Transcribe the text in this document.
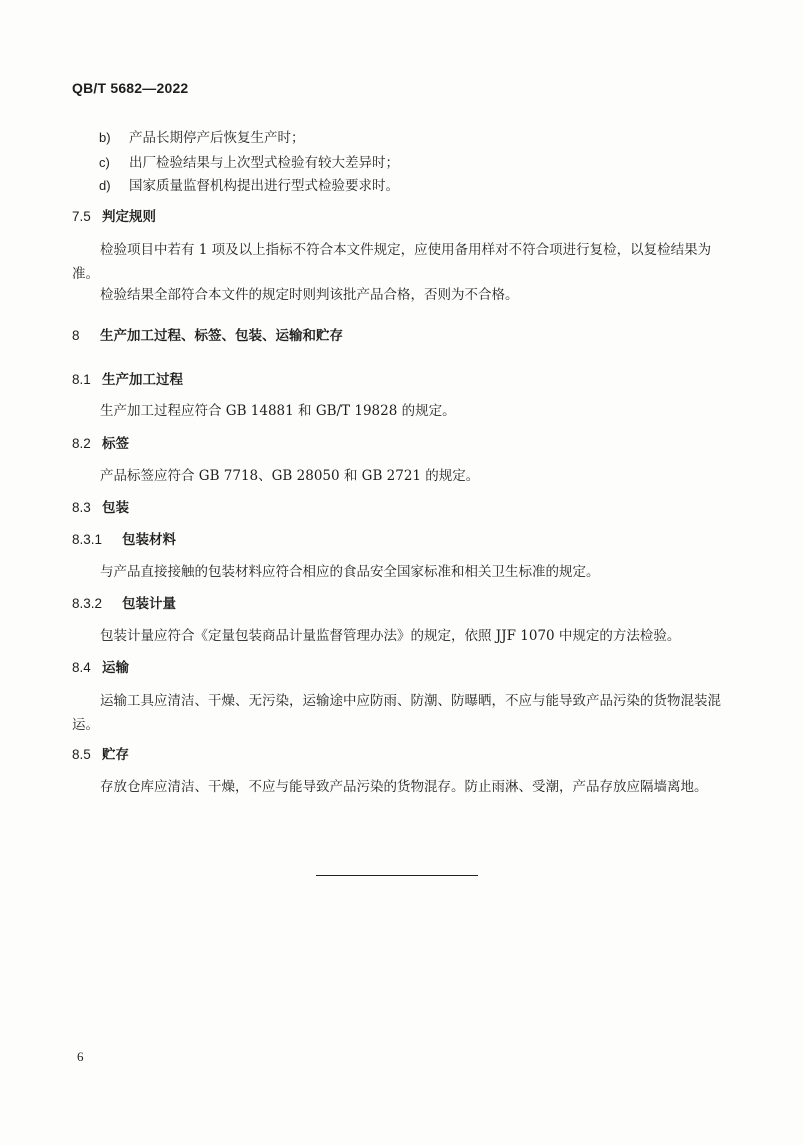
QB/T 5682—2022
b) 产品长期停产后恢复生产时；
c) 出厂检验结果与上次型式检验有较大差异时；
d) 国家质量监督机构提出进行型式检验要求时。
7.5 判定规则
检验项目中若有 1 项及以上指标不符合本文件规定，应使用备用样对不符合项进行复检，以复检结果为准。
检验结果全部符合本文件的规定时则判该批产品合格，否则为不合格。
8 生产加工过程、标签、包装、运输和贮存
8.1 生产加工过程
生产加工过程应符合 GB 14881 和 GB/T 19828 的规定。
8.2 标签
产品标签应符合 GB 7718、GB 28050 和 GB 2721 的规定。
8.3 包装
8.3.1 包装材料
与产品直接接触的包装材料应符合相应的食品安全国家标准和相关卫生标准的规定。
8.3.2 包装计量
包装计量应符合《定量包装商品计量监督管理办法》的规定，依照 JJF 1070 中规定的方法检验。
8.4 运输
运输工具应清洁、干燥、无污染，运输途中应防雨、防潮、防曝晒，不应与能导致产品污染的货物混装混运。
8.5 贮存
存放仓库应清洁、干燥，不应与能导致产品污染的货物混存。防止雨淋、受潮，产品存放应隔墙离地。
6
